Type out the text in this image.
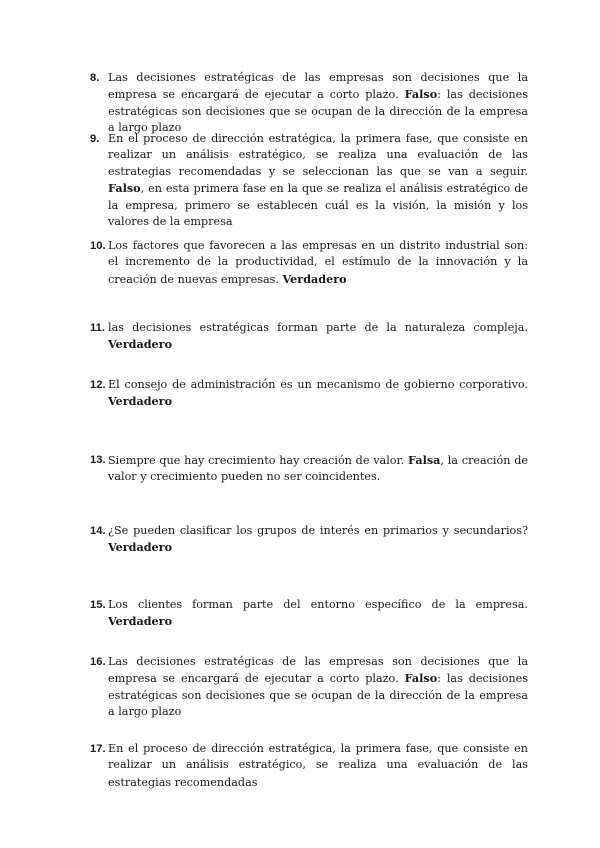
8. Las decisiones estratégicas de las empresas son decisiones que la empresa se encargará de ejecutar a corto plazo. Falso: las decisiones estratégicas son decisiones que se ocupan de la dirección de la empresa a largo plazo
9. En el proceso de dirección estratégica, la primera fase, que consiste en realizar un análisis estratégico, se realiza una evaluación de las estrategias recomendadas y se seleccionan las que se van a seguir. Falso, en esta primera fase en la que se realiza el análisis estratégico de la empresa, primero se establecen cuál es la visión, la misión y los valores de la empresa
10. Los factores que favorecen a las empresas en un distrito industrial son: el incremento de la productividad, el estímulo de la innovación y la creación de nuevas empresas. Verdadero
11. las decisiones estratégicas forman parte de la naturaleza compleja. Verdadero
12. El consejo de administración es un mecanismo de gobierno corporativo. Verdadero
13. Siempre que hay crecimiento hay creación de valor. Falsa, la creación de valor y crecimiento pueden no ser coincidentes.
14. ¿Se pueden clasificar los grupos de interés en primarios y secundarios? Verdadero
15. Los clientes forman parte del entorno específico de la empresa. Verdadero
16. Las decisiones estratégicas de las empresas son decisiones que la empresa se encargará de ejecutar a corto plazo. Falso: las decisiones estratégicas son decisiones que se ocupan de la dirección de la empresa a largo plazo
17. En el proceso de dirección estratégica, la primera fase, que consiste en realizar un análisis estratégico, se realiza una evaluación de las estrategias recomendadas
